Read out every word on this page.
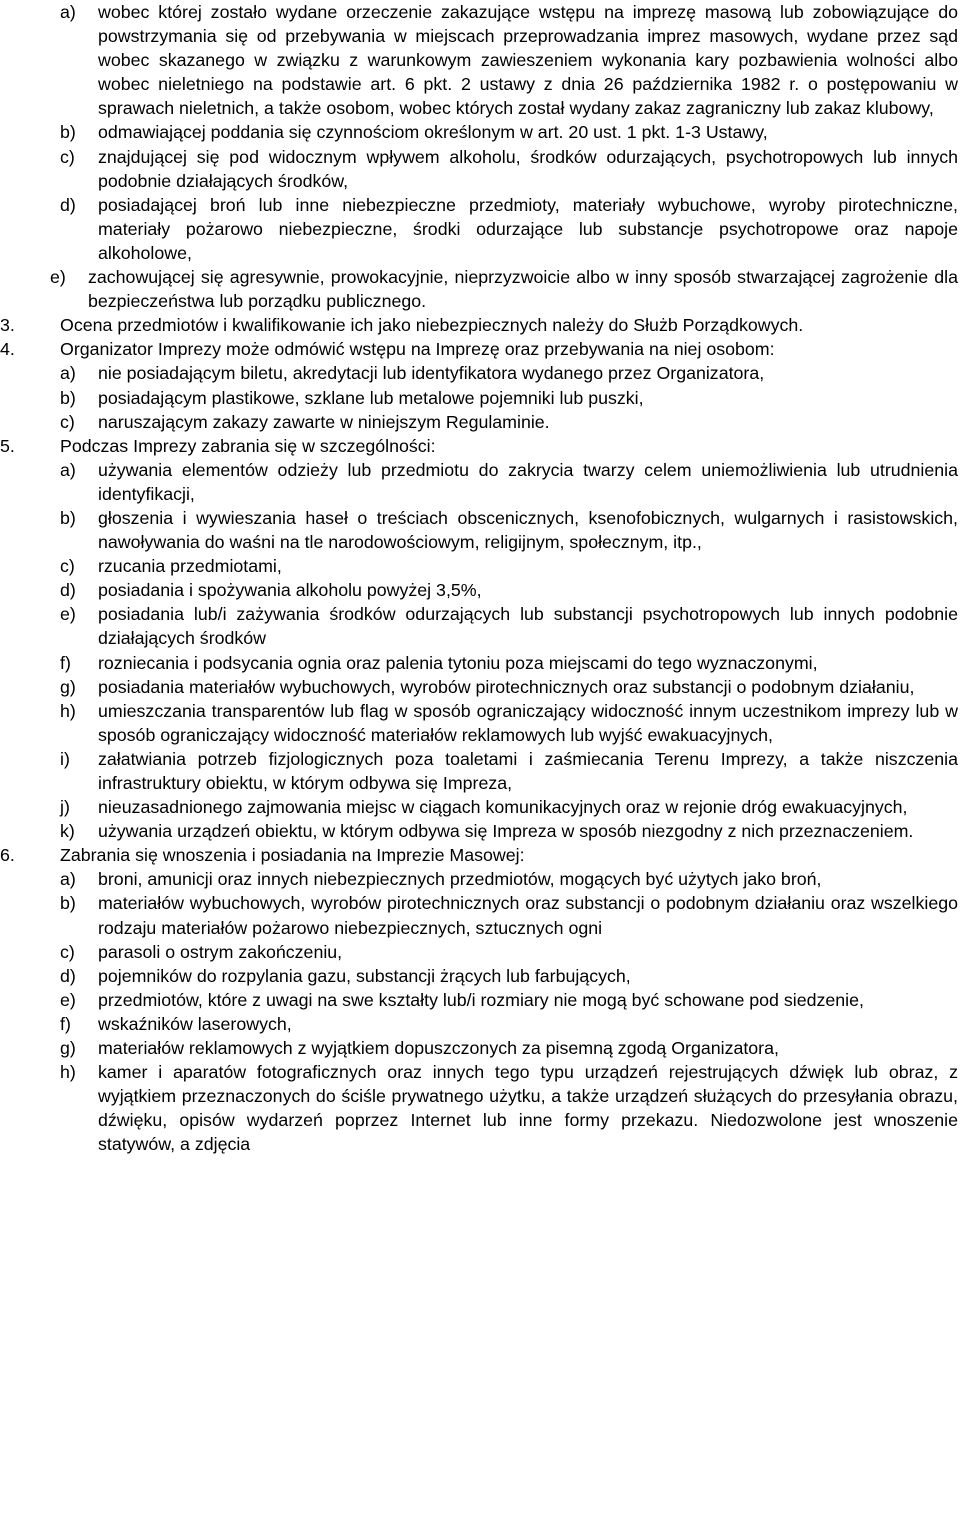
a)	wobec której zostało wydane orzeczenie zakazujące wstępu na imprezę masową lub zobowiązujące do powstrzymania się od przebywania w miejscach przeprowadzania imprez masowych, wydane przez sąd wobec skazanego w związku z warunkowym zawieszeniem wykonania kary pozbawienia wolności albo wobec nieletniego na podstawie art. 6 pkt. 2 ustawy z dnia 26 października 1982 r. o postępowaniu w sprawach nieletnich, a także osobom, wobec których został wydany zakaz zagraniczny lub zakaz klubowy,
b)	odmawiającej poddania się czynnościom określonym w art. 20 ust. 1 pkt. 1-3 Ustawy,
c)	znajdującej się pod widocznym wpływem alkoholu, środków odurzających, psychotropowych lub innych podobnie działających środków,
d)	posiadającej broń lub inne niebezpieczne przedmioty, materiały wybuchowe, wyroby pirotechniczne, materiały pożarowo niebezpieczne, środki odurzające lub substancje psychotropowe oraz napoje alkoholowe,
e)	zachowującej się agresywnie, prowokacyjnie, nieprzyzwoicie albo w inny sposób stwarzającej zagrożenie dla bezpieczeństwa lub porządku publicznego.
3.	Ocena przedmiotów i kwalifikowanie ich jako niebezpiecznych należy do Służb Porządkowych.
4.	Organizator Imprezy może odmówić wstępu na Imprezę oraz przebywania na niej osobom:
a)	nie posiadającym biletu, akredytacji lub identyfikatora wydanego przez Organizatora,
b)	posiadającym plastikowe, szklane lub metalowe pojemniki lub puszki,
c)	naruszającym zakazy zawarte w niniejszym Regulaminie.
5.	Podczas Imprezy zabrania się w szczególności:
a)	używania elementów odzieży lub przedmiotu do zakrycia twarzy celem uniemożliwienia lub utrudnienia identyfikacji,
b)	głoszenia i wywieszania haseł o treściach obscenicznych, ksenofobicznych, wulgarnych i rasistowskich, nawoływania do waśni na tle narodowościowym, religijnym, społecznym, itp.,
c)	rzucania przedmiotami,
d)	posiadania i spożywania alkoholu powyżej 3,5%,
e)	posiadania lub/i zażywania środków odurzających lub substancji psychotropowych lub innych podobnie działających środków
f)	rozniecania i podsycania ognia oraz palenia tytoniu poza miejscami do tego wyznaczonymi,
g)	posiadania materiałów wybuchowych, wyrobów pirotechnicznych oraz substancji o podobnym działaniu,
h)	umieszczania transparentów lub flag w sposób ograniczający widoczność innym uczestnikom imprezy lub w sposób ograniczający widoczność materiałów reklamowych lub wyjść ewakuacyjnych,
i)	załatwiania potrzeb fizjologicznych poza toaletami i zaśmiecania Terenu Imprezy, a także niszczenia infrastruktury obiektu, w którym odbywa się Impreza,
j)	nieuzasadnionego zajmowania miejsc w ciągach komunikacyjnych oraz w rejonie dróg ewakuacyjnych,
k)	używania urządzeń obiektu, w którym odbywa się Impreza w sposób niezgodny z nich przeznaczeniem.
6.	Zabrania się wnoszenia i posiadania na Imprezie Masowej:
a)	broni, amunicji oraz innych niebezpiecznych przedmiotów, mogących być użytych jako broń,
b)	materiałów wybuchowych, wyrobów pirotechnicznych oraz substancji o podobnym działaniu oraz wszelkiego rodzaju materiałów pożarowo niebezpiecznych, sztucznych ogni
c)	parasoli o ostrym zakończeniu,
d)	pojemników do rozpylania gazu, substancji żrących lub farbujących,
e)	przedmiotów, które z uwagi na swe kształty lub/i rozmiary nie mogą być schowane pod siedzenie,
f)	wskaźników laserowych,
g)	materiałów reklamowych z wyjątkiem dopuszczonych za pisemną zgodą Organizatora,
h)	kamer i aparatów fotograficznych oraz innych tego typu urządzeń rejestrujących dźwięk lub obraz, z wyjątkiem przeznaczonych do ściśle prywatnego użytku, a także urządzeń służących do przesyłania obrazu, dźwięku, opisów wydarzeń poprzez Internet lub inne formy przekazu. Niedozwolone jest wnoszenie statywów, a zdjęcia
